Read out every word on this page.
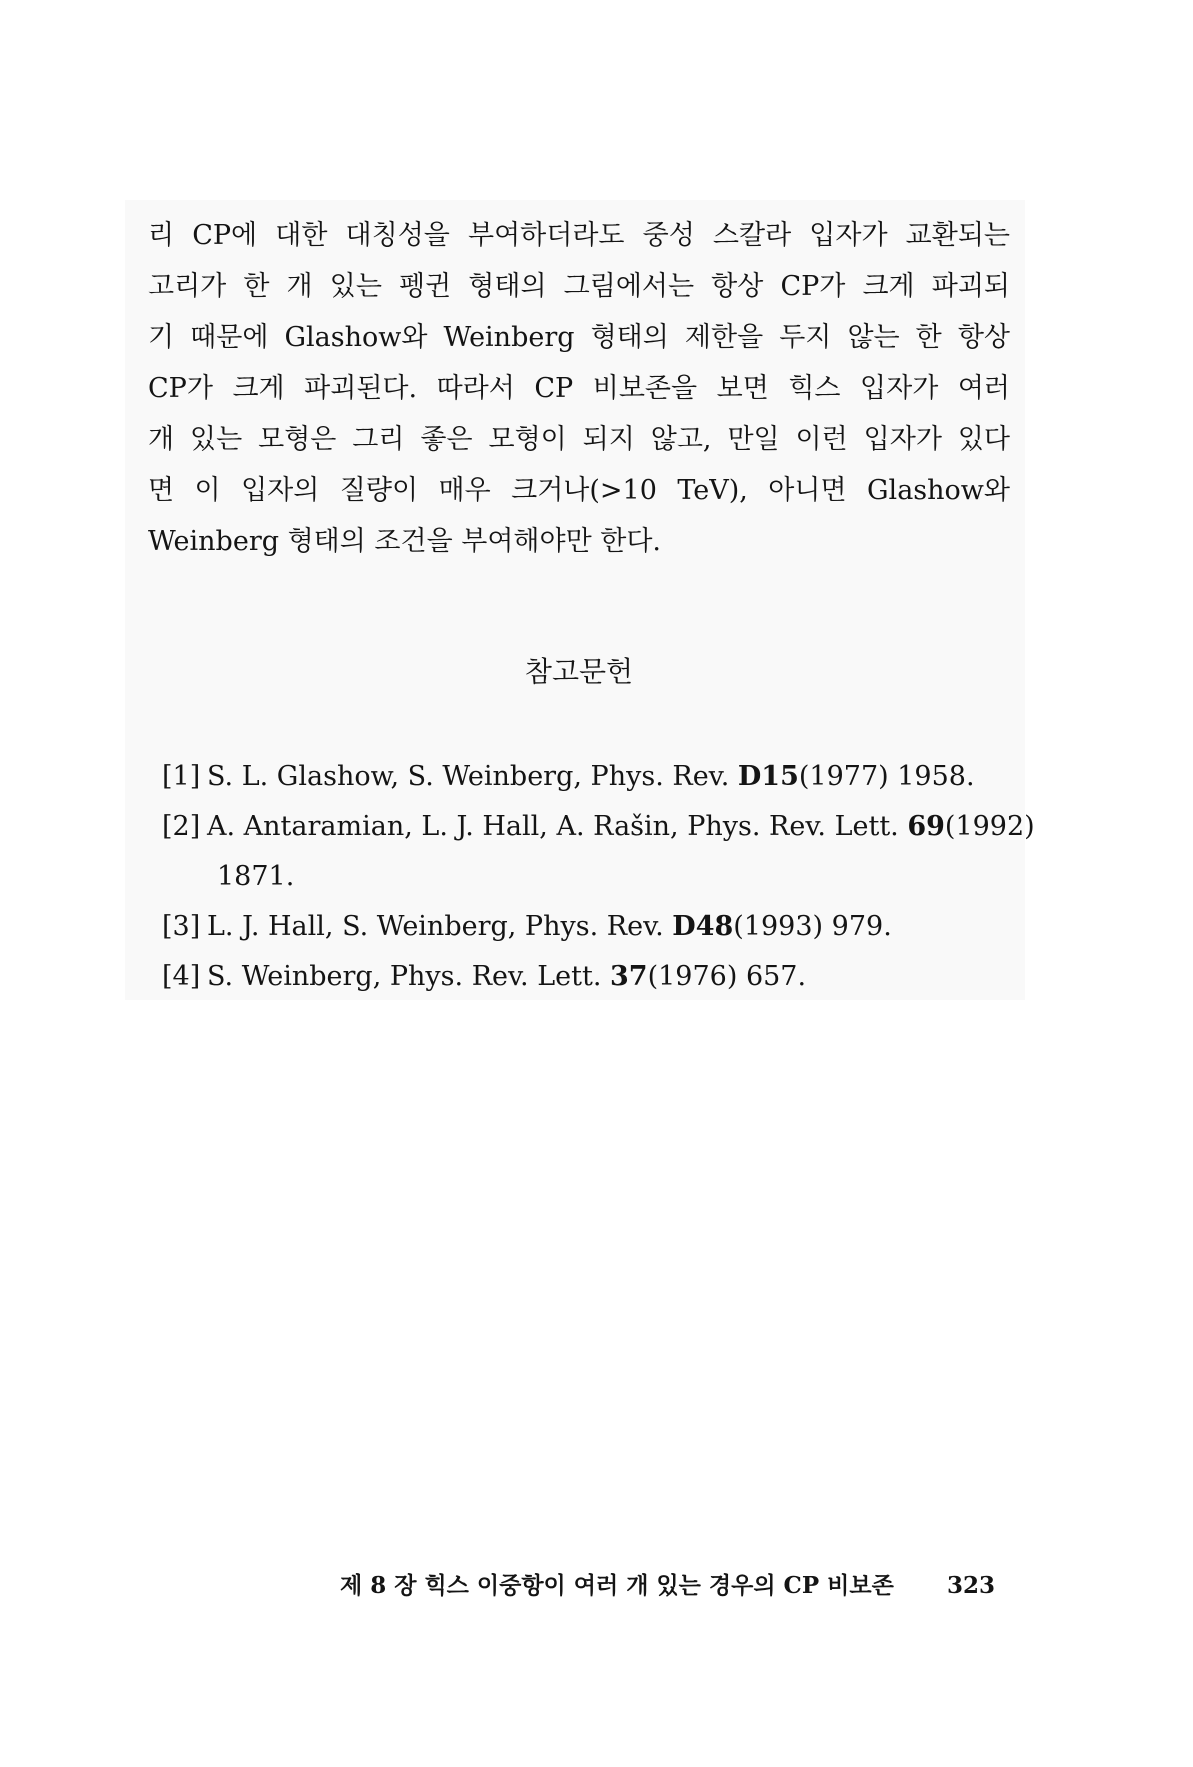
리 CP에 대한 대칭성을 부여하더라도 중성 스칼라 입자가 교환되는
고리가 한 개 있는 펭귄 형태의 그림에서는 항상 CP가 크게 파괴되
기 때문에 Glashow와 Weinberg 형태의 제한을 두지 않는 한 항상
CP가 크게 파괴된다. 따라서 CP 비보존을 보면 힉스 입자가 여러
개 있는 모형은 그리 좋은 모형이 되지 않고, 만일 이런 입자가 있다
면 이 입자의 질량이 매우 크거나(>10 TeV), 아니면 Glashow와
Weinberg 형태의 조건을 부여해야만 한다.
참고문헌
[1] S. L. Glashow, S. Weinberg, Phys. Rev. D15(1977) 1958.
[2] A. Antaramian, L. J. Hall, A. Rašin, Phys. Rev. Lett. 69(1992)
1871.
[3] L. J. Hall, S. Weinberg, Phys. Rev. D48(1993) 979.
[4] S. Weinberg, Phys. Rev. Lett. 37(1976) 657.
제 8 장 힉스 이중항이 여러 개 있는 경우의 CP 비보존 323
